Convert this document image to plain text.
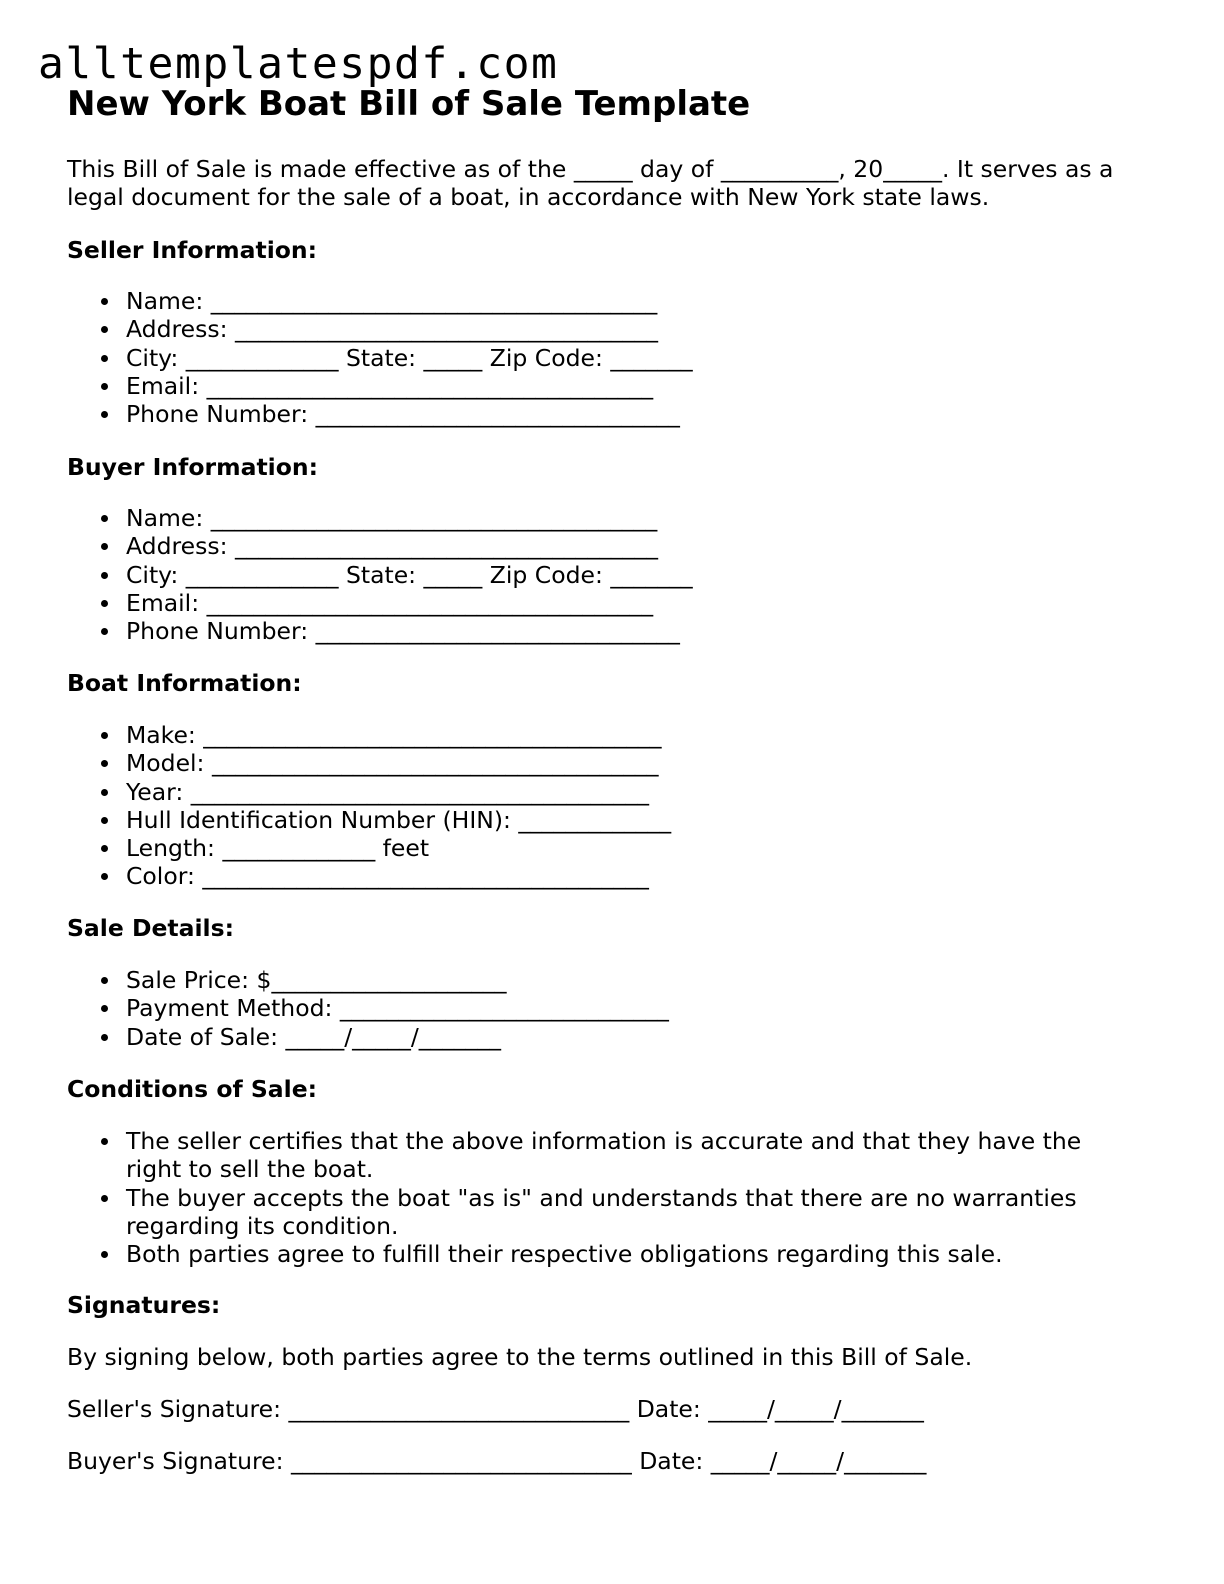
alltemplatespdf.com
New York Boat Bill of Sale Template

This Bill of Sale is made effective as of the _____ day of __________, 20_____. It serves as a legal document for the sale of a boat, in accordance with New York state laws.

Seller Information:
Name: ______________________________________
Address: ____________________________________
City: _____________ State: _____ Zip Code: _______
Email: ______________________________________
Phone Number: _______________________________
Buyer Information:
Name: ______________________________________
Address: ____________________________________
City: _____________ State: _____ Zip Code: _______
Email: ______________________________________
Phone Number: _______________________________
Boat Information:
Make: _______________________________________
Model: ______________________________________
Year: _______________________________________
Hull Identification Number (HIN): _____________
Length: _____________ feet
Color: ______________________________________
Sale Details:
Sale Price: $____________________
Payment Method: ____________________________
Date of Sale: _____/_____/_______
Conditions of Sale:
The seller certifies that the above information is accurate and that they have the right to sell the boat.
The buyer accepts the boat "as is" and understands that there are no warranties regarding its condition.
Both parties agree to fulfill their respective obligations regarding this sale.
Signatures:

By signing below, both parties agree to the terms outlined in this Bill of Sale.

Seller's Signature: _____________________________ Date: _____/_____/_______

Buyer's Signature: _____________________________ Date: _____/_____/_______
